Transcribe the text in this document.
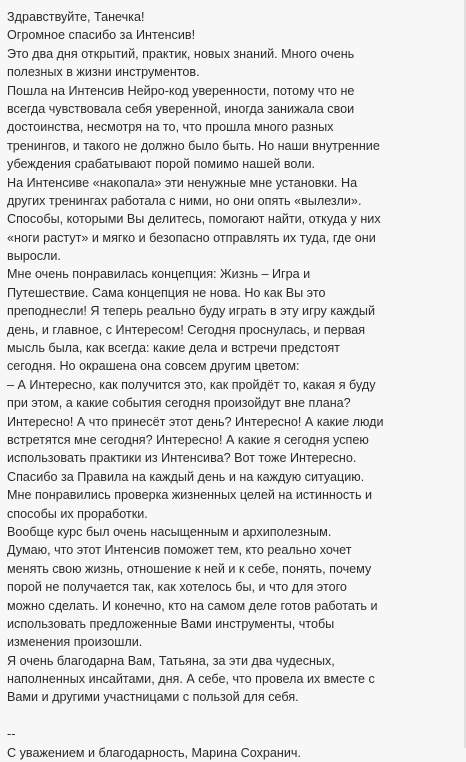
Здравствуйте, Танечка!
Огромное спасибо за Интенсив!
Это два дня открытий, практик, новых знаний. Много очень
полезных в жизни инструментов.
Пошла на Интенсив Нейро-код уверенности, потому что не
всегда чувствовала себя уверенной, иногда занижала свои
достоинства, несмотря на то, что прошла много разных
тренингов, и такого не должно было быть. Но наши внутренние
убеждения срабатывают порой помимо нашей воли.
На Интенсиве «накопала» эти ненужные мне установки. На
других тренингах работала с ними, но они опять «вылезли».
Способы, которыми Вы делитесь, помогают найти, откуда у них
«ноги растут» и мягко и безопасно отправлять их туда, где они
выросли.
Мне очень понравилась концепция: Жизнь – Игра и
Путешествие. Сама концепция не нова. Но как Вы это
преподнесли! Я теперь реально буду играть в эту игру каждый
день, и главное, с Интересом! Сегодня проснулась, и первая
мысль была, как всегда: какие дела и встречи предстоят
сегодня. Но окрашена она совсем другим цветом:
– А Интересно, как получится это, как пройдёт то, какая я буду
при этом, а какие события сегодня произойдут вне плана?
Интересно! А что принесёт этот день? Интересно! А какие люди
встретятся мне сегодня? Интересно! А какие я сегодня успею
использовать практики из Интенсива? Вот тоже Интересно.
Спасибо за Правила на каждый день и на каждую ситуацию.
Мне понравились проверка жизненных целей на истинность и
способы их проработки.
Вообще курс был очень насыщенным и архиполезным.
Думаю, что этот Интенсив поможет тем, кто реально хочет
менять свою жизнь, отношение к ней и к себе, понять, почему
порой не получается так, как хотелось бы, и что для этого
можно сделать. И конечно, кто на самом деле готов работать и
использовать предложенные Вами инструменты, чтобы
изменения произошли.
Я очень благодарна Вам, Татьяна, за эти два чудесных,
наполненных инсайтами, дня. А себе, что провела их вместе с
Вами и другими участницами с пользой для себя.
--
С уважением и благодарность, Марина Сохранич.
